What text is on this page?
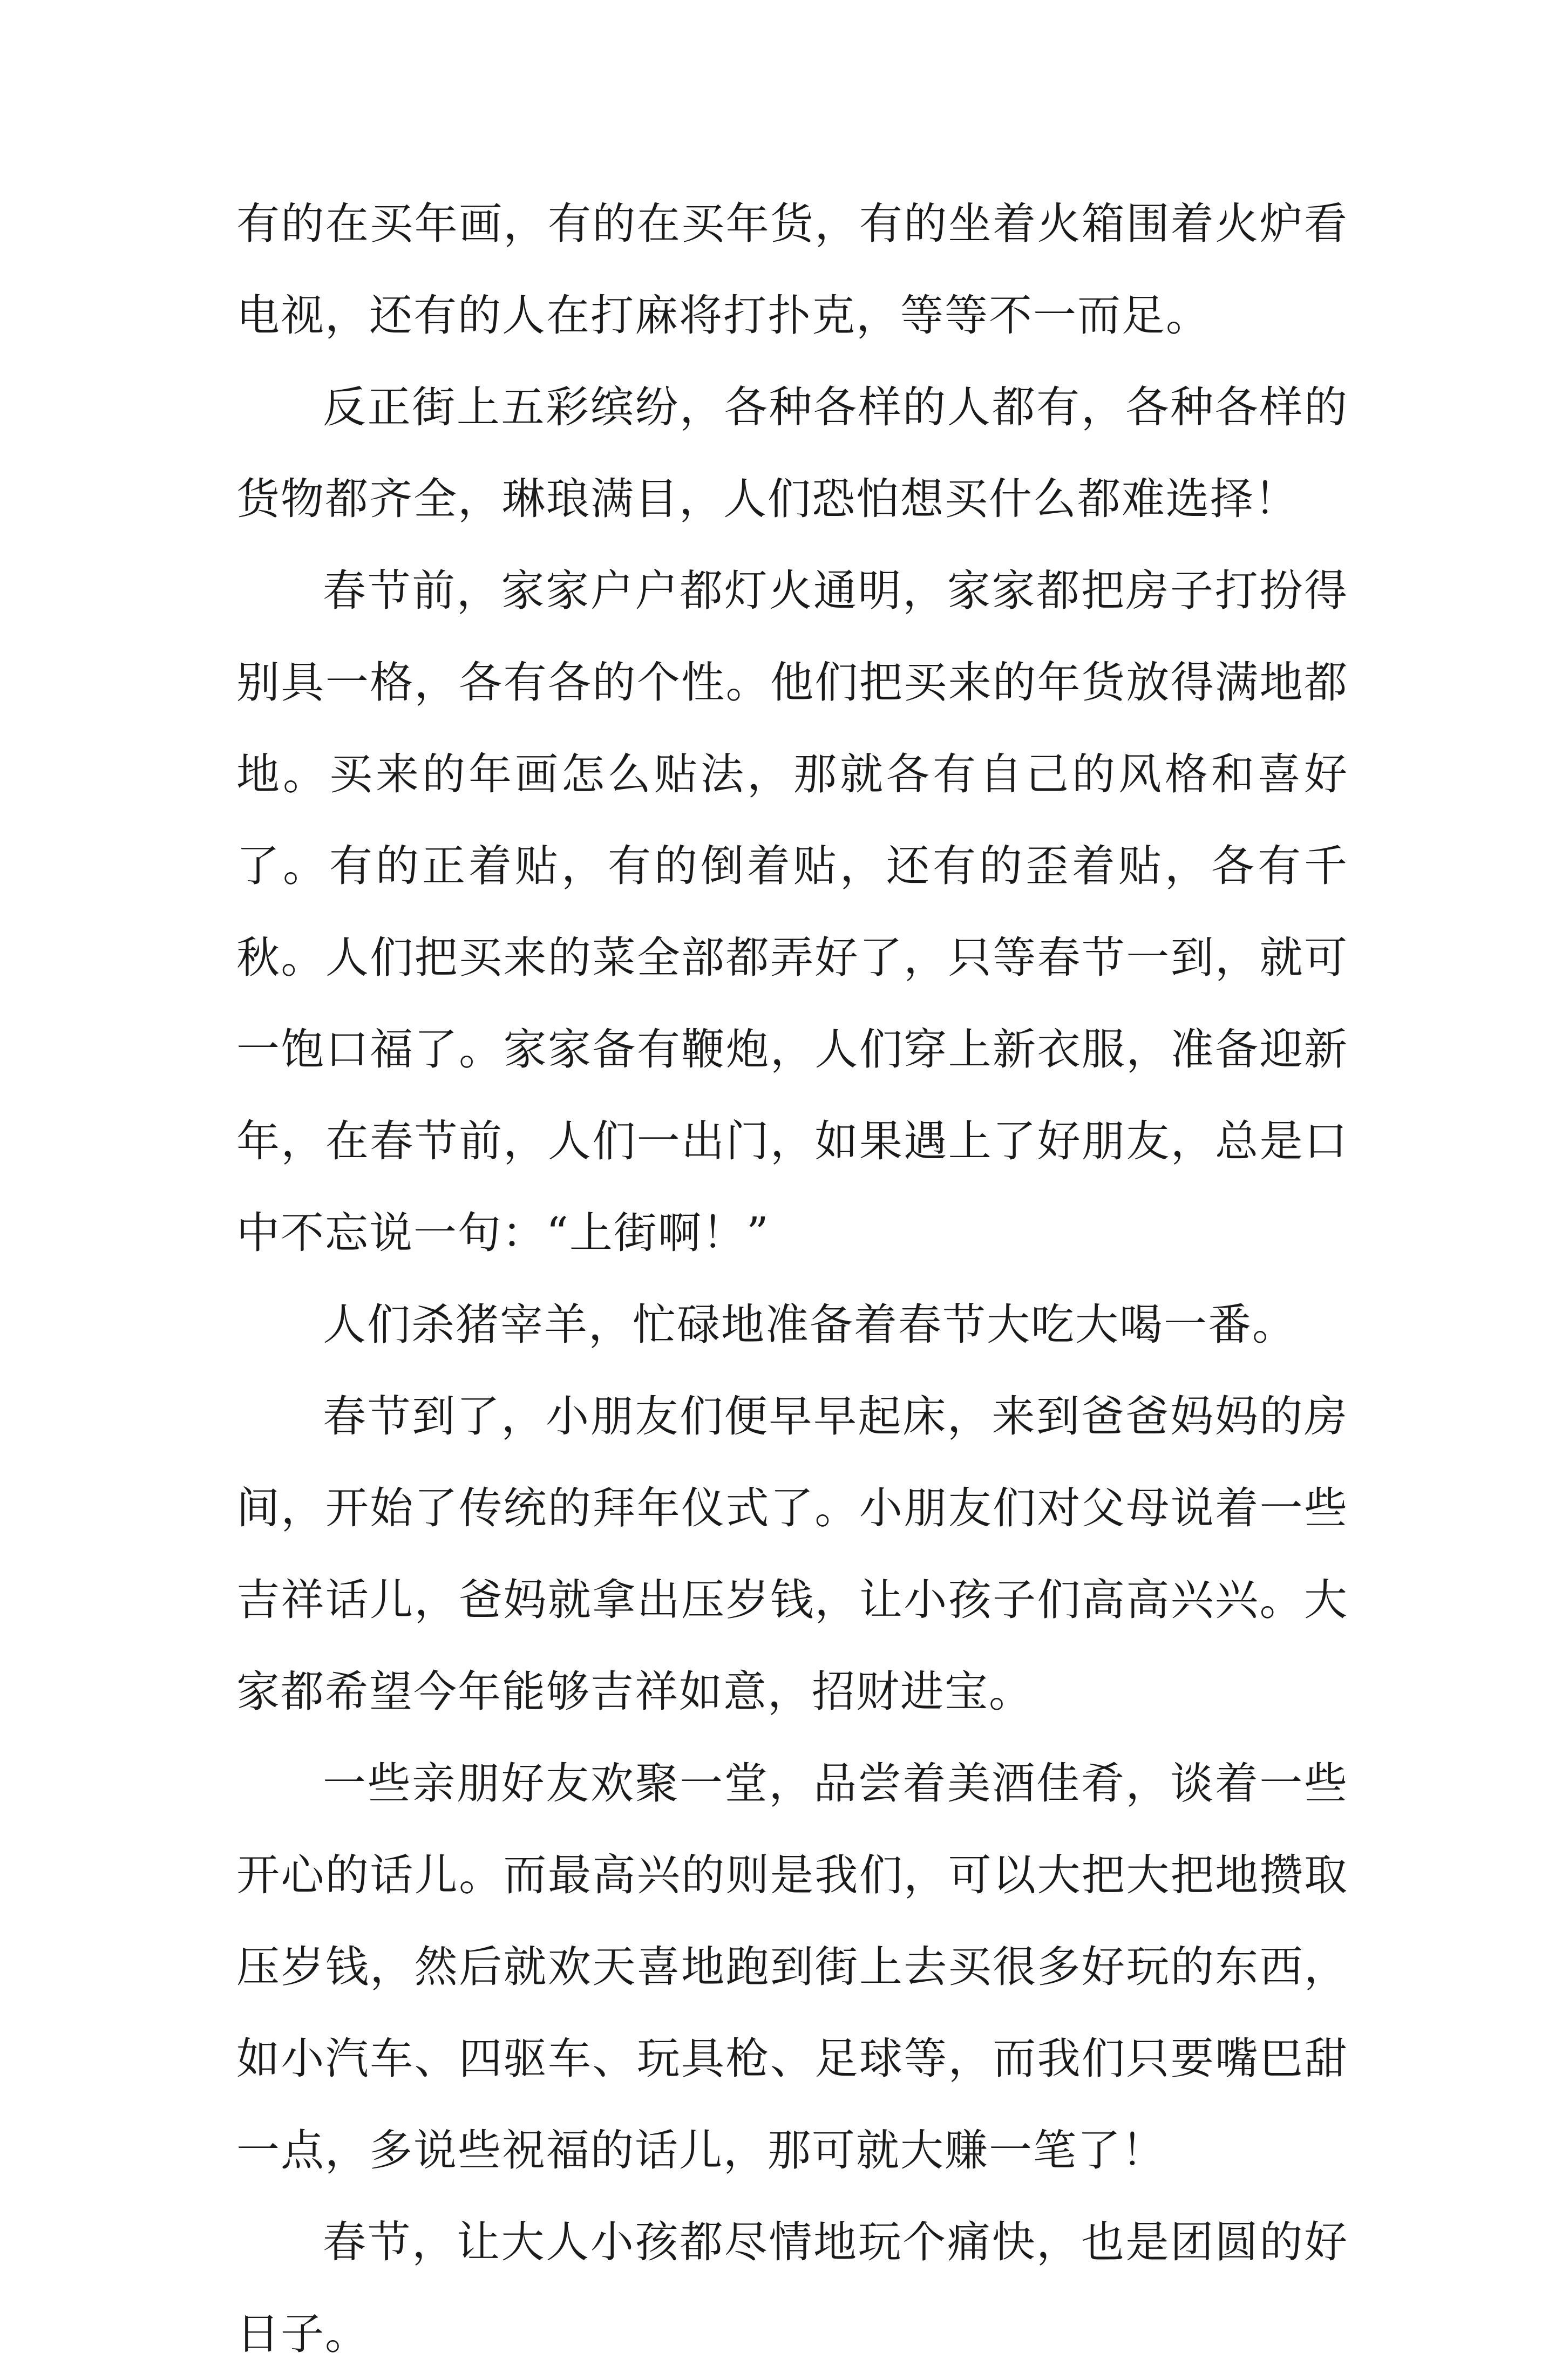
有的在买年画，有的在买年货，有的坐着火箱围着火炉看电视，还有的人在打麻将打扑克，等等不一而足。

反正街上五彩缤纷，各种各样的人都有，各种各样的货物都齐全，琳琅满目，人们恐怕想买什么都难选择！

春节前，家家户户都灯火通明，家家都把房子打扮得别具一格，各有各的个性。他们把买来的年货放得满地都地。买来的年画怎么贴法，那就各有自己的风格和喜好了。有的正着贴，有的倒着贴，还有的歪着贴，各有千秋。人们把买来的菜全部都弄好了，只等春节一到，就可一饱口福了。家家备有鞭炮，人们穿上新衣服，准备迎新年，在春节前，人们一出门，如果遇上了好朋友，总是口中不忘说一句：“上街啊！”

人们杀猪宰羊，忙碌地准备着春节大吃大喝一番。

春节到了，小朋友们便早早起床，来到爸爸妈妈的房间，开始了传统的拜年仪式了。小朋友们对父母说着一些吉祥话儿，爸妈就拿出压岁钱，让小孩子们高高兴兴。大家都希望今年能够吉祥如意，招财进宝。

一些亲朋好友欢聚一堂，品尝着美酒佳肴，谈着一些开心的话儿。而最高兴的则是我们，可以大把大把地攒取压岁钱，然后就欢天喜地跑到街上去买很多好玩的东西，如小汽车、四驱车、玩具枪、足球等，而我们只要嘴巴甜一点，多说些祝福的话儿，那可就大赚一笔了！

春节，让大人小孩都尽情地玩个痛快，也是团圆的好日子。
